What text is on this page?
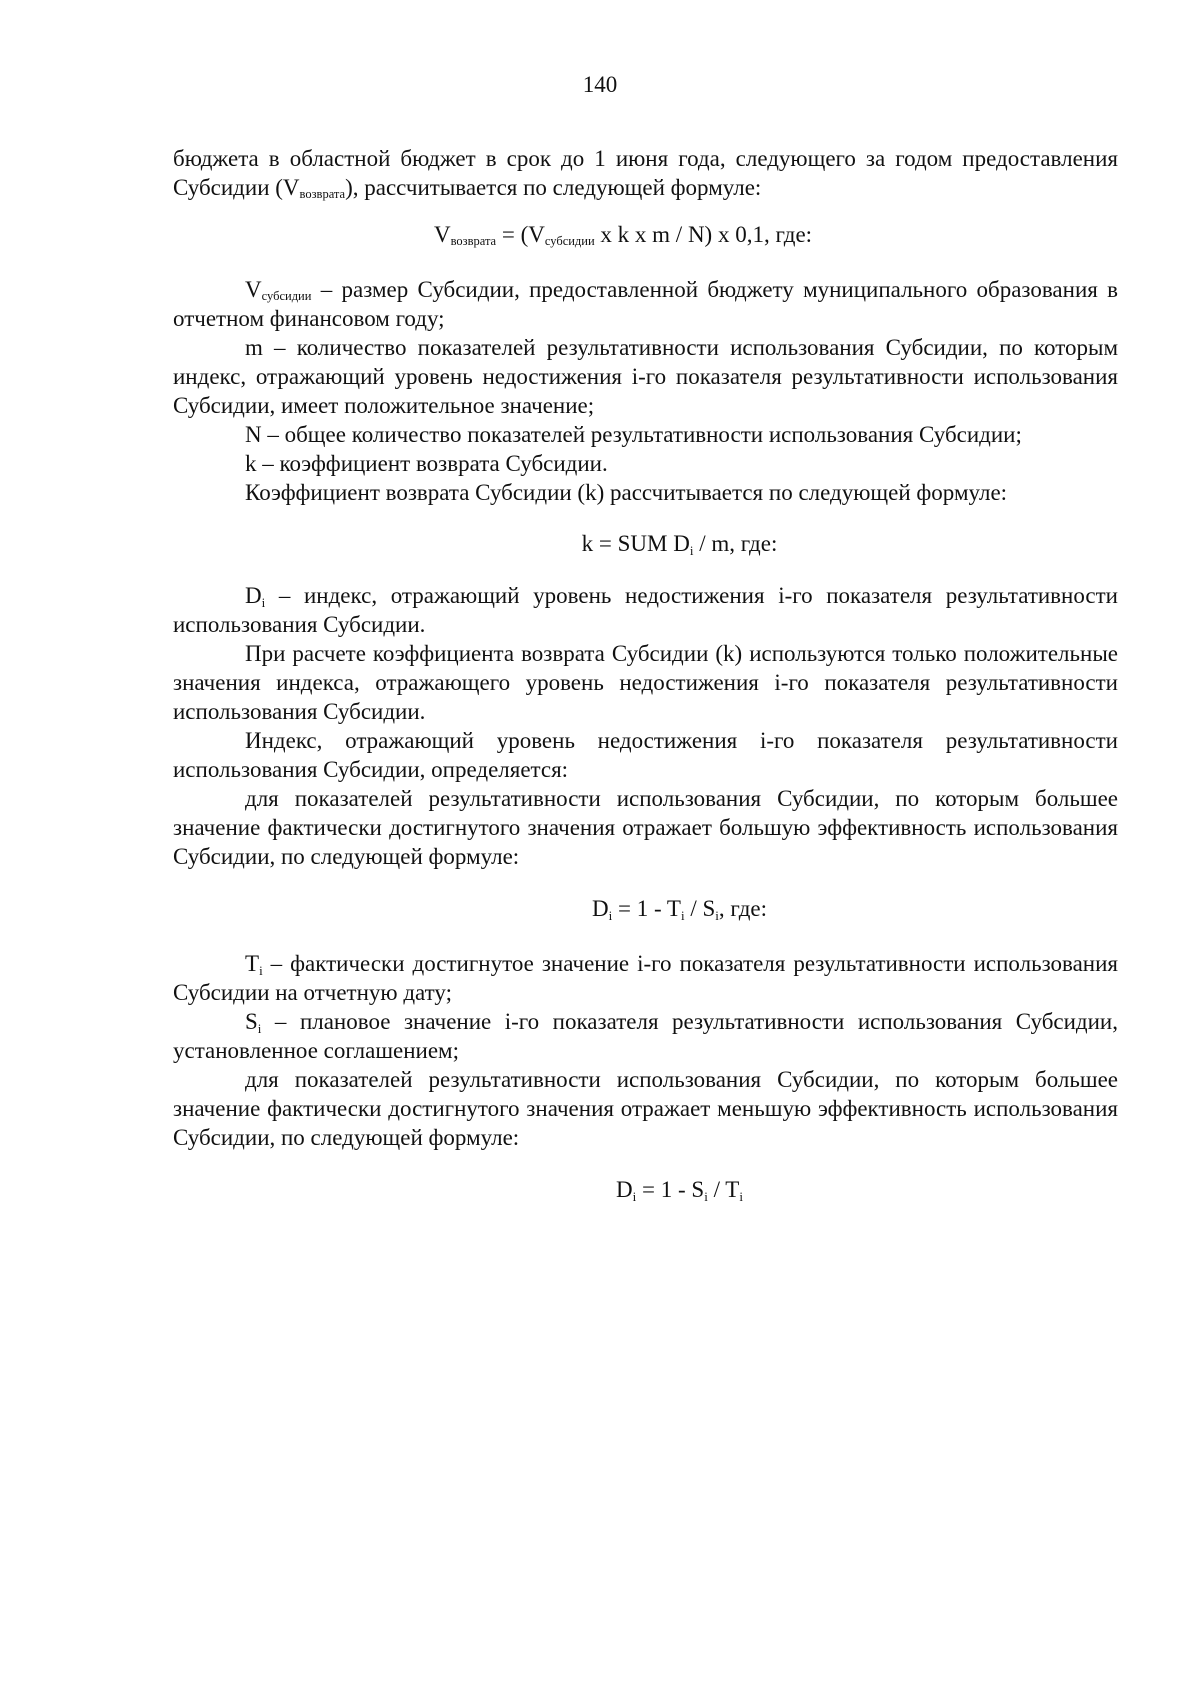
140

бюджета в областной бюджет в срок до 1 июня года, следующего за годом предоставления Субсидии $(V_{возврата})$, рассчитывается по следующей формуле:

$V_{возврата} = (V_{субсидии}$ x k x m / N) x 0,1, где:

$V_{субсидии}$ – размер Субсидии, предоставленной бюджету муниципального образования в отчетном финансовом году;

m – количество показателей результативности использования Субсидии, по которым индекс, отражающий уровень недостижения i-го показателя результативности использования Субсидии, имеет положительное значение;

N – общее количество показателей результативности использования Субсидии;

k – коэффициент возврата Субсидии.

Коэффициент возврата Субсидии (k) рассчитывается по следующей формуле:

k = SUM Di / m, где:

Di – индекс, отражающий уровень недостижения i-го показателя результативности использования Субсидии.

При расчете коэффициента возврата Субсидии (k) используются только положительные значения индекса, отражающего уровень недостижения i-го показателя результативности использования Субсидии.

Индекс, отражающий уровень недостижения i-го показателя результативности использования Субсидии, определяется:

для показателей результативности использования Субсидии, по которым большее значение фактически достигнутого значения отражает большую эффективность использования Субсидии, по следующей формуле:

Di = 1 - Ti / Si, где:

Ti – фактически достигнутое значение i-го показателя результативности использования Субсидии на отчетную дату;

Si – плановое значение i-го показателя результативности использования Субсидии, установленное соглашением;

для показателей результативности использования Субсидии, по которым большее значение фактически достигнутого значения отражает меньшую эффективность использования Субсидии, по следующей формуле:

Di = 1 - Si / Ti
